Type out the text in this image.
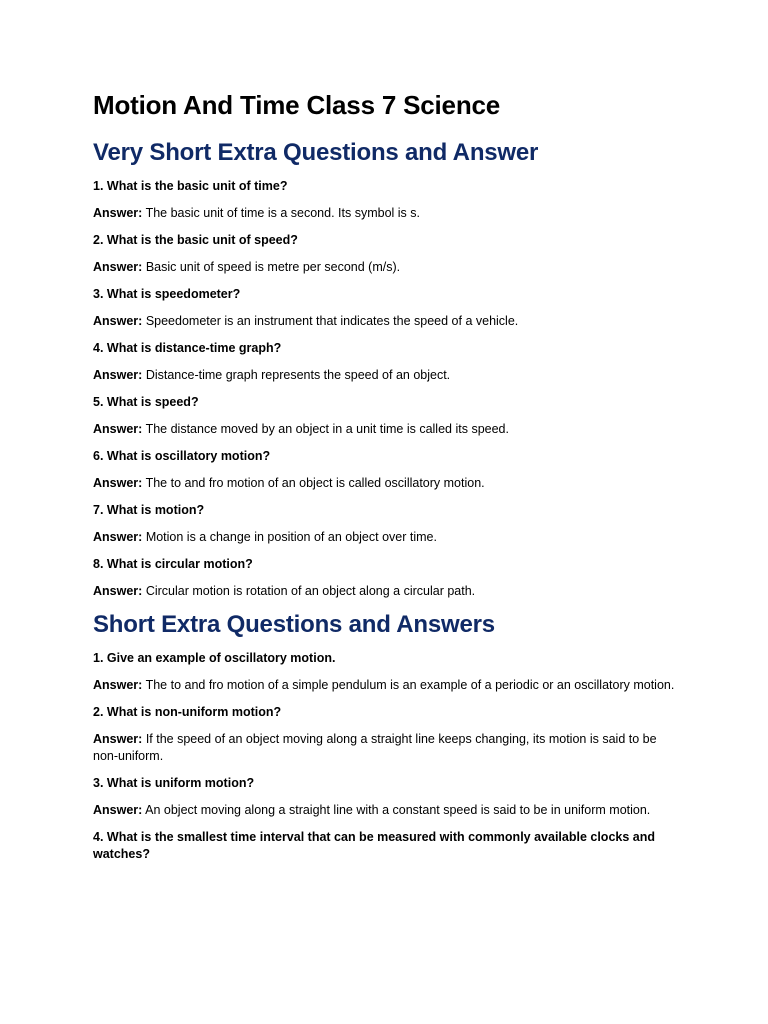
Motion And Time Class 7 Science
Very Short Extra Questions and Answer

1. What is the basic unit of time?

Answer: The basic unit of time is a second. Its symbol is s.

2. What is the basic unit of speed?

Answer: Basic unit of speed is metre per second (m/s).

3. What is speedometer?

Answer: Speedometer is an instrument that indicates the speed of a vehicle.

4. What is distance-time graph?

Answer: Distance-time graph represents the speed of an object.

5. What is speed?

Answer: The distance moved by an object in a unit time is called its speed.

6. What is oscillatory motion?

Answer: The to and fro motion of an object is called oscillatory motion.

7. What is motion?

Answer: Motion is a change in position of an object over time.

8. What is circular motion?

Answer: Circular motion is rotation of an object along a circular path.

Short Extra Questions and Answers

1. Give an example of oscillatory motion.

Answer: The to and fro motion of a simple pendulum is an example of a periodic or an oscillatory motion.

2. What is non-uniform motion?

Answer: If the speed of an object moving along a straight line keeps changing, its motion is said to be non-uniform.

3. What is uniform motion?

Answer: An object moving along a straight line with a constant speed is said to be in uniform motion.

4. What is the smallest time interval that can be measured with commonly available clocks and watches?
